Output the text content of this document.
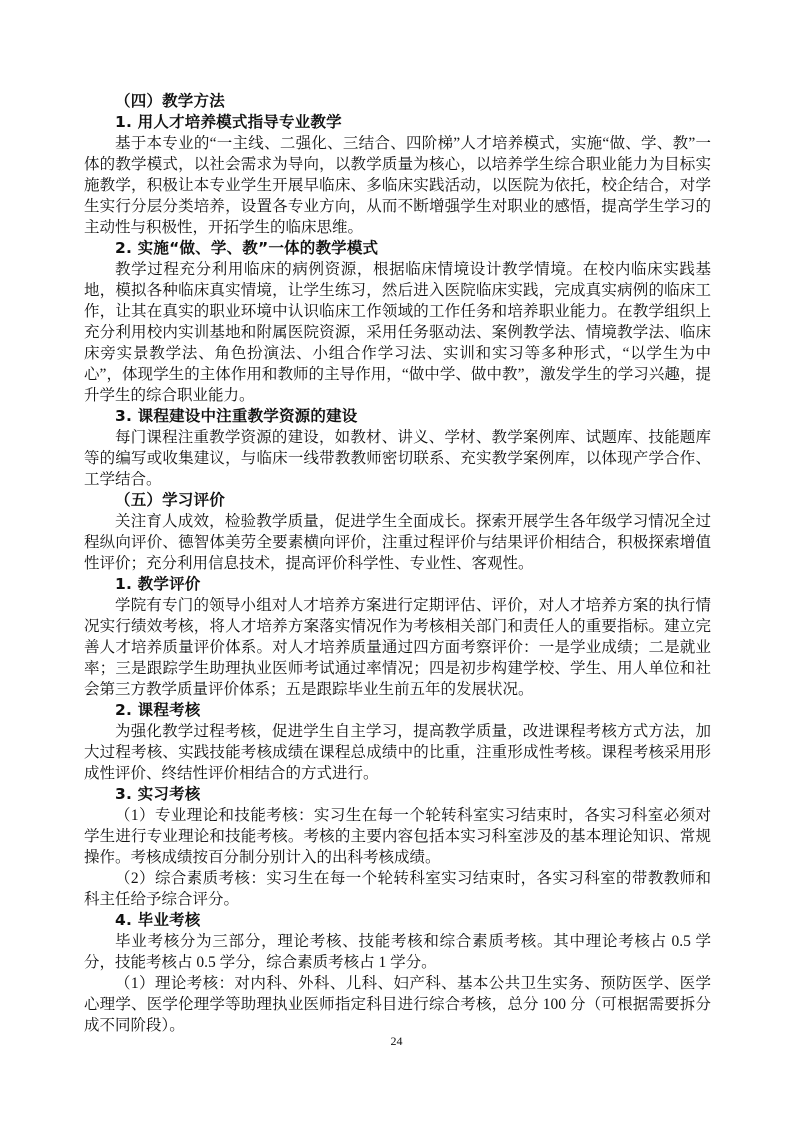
（四）教学方法
1. 用人才培养模式指导专业教学

基于本专业的“一主线、二强化、三结合、四阶梯”人才培养模式，实施“做、学、教”一体的教学模式，以社会需求为导向，以教学质量为核心，以培养学生综合职业能力为目标实施教学，积极让本专业学生开展早临床、多临床实践活动，以医院为依托，校企结合，对学生实行分层分类培养，设置各专业方向，从而不断增强学生对职业的感悟，提高学生学习的主动性与积极性，开拓学生的临床思维。

2. 实施“做、学、教”一体的教学模式

教学过程充分利用临床的病例资源，根据临床情境设计教学情境。在校内临床实践基地，模拟各种临床真实情境，让学生练习，然后进入医院临床实践，完成真实病例的临床工作，让其在真实的职业环境中认识临床工作领域的工作任务和培养职业能力。在教学组织上充分利用校内实训基地和附属医院资源，采用任务驱动法、案例教学法、情境教学法、临床床旁实景教学法、角色扮演法、小组合作学习法、实训和实习等多种形式，“以学生为中心”，体现学生的主体作用和教师的主导作用，“做中学、做中教”，激发学生的学习兴趣，提升学生的综合职业能力。

3. 课程建设中注重教学资源的建设

每门课程注重教学资源的建设，如教材、讲义、学材、教学案例库、试题库、技能题库等的编写或收集建议，与临床一线带教教师密切联系、充实教学案例库，以体现产学合作、工学结合。

（五）学习评价

关注育人成效，检验教学质量，促进学生全面成长。探索开展学生各年级学习情况全过程纵向评价、德智体美劳全要素横向评价，注重过程评价与结果评价相结合，积极探索增值性评价；充分利用信息技术，提高评价科学性、专业性、客观性。

1. 教学评价

学院有专门的领导小组对人才培养方案进行定期评估、评价，对人才培养方案的执行情况实行绩效考核，将人才培养方案落实情况作为考核相关部门和责任人的重要指标。建立完善人才培养质量评价体系。对人才培养质量通过四方面考察评价：一是学业成绩；二是就业率；三是跟踪学生助理执业医师考试通过率情况；四是初步构建学校、学生、用人单位和社会第三方教学质量评价体系；五是跟踪毕业生前五年的发展状况。

2. 课程考核

为强化教学过程考核，促进学生自主学习，提高教学质量，改进课程考核方式方法，加大过程考核、实践技能考核成绩在课程总成绩中的比重，注重形成性考核。课程考核采用形成性评价、终结性评价相结合的方式进行。

3. 实习考核

（1）专业理论和技能考核：实习生在每一个轮转科室实习结束时，各实习科室必须对学生进行专业理论和技能考核。考核的主要内容包括本实习科室涉及的基本理论知识、常规操作。考核成绩按百分制分别计入的出科考核成绩。

（2）综合素质考核：实习生在每一个轮转科室实习结束时，各实习科室的带教教师和科主任给予综合评分。

4. 毕业考核

毕业考核分为三部分，理论考核、技能考核和综合素质考核。其中理论考核占 0.5 学分，技能考核占 0.5 学分，综合素质考核占 1 学分。

（1）理论考核：对内科、外科、儿科、妇产科、基本公共卫生实务、预防医学、医学心理学、医学伦理学等助理执业医师指定科目进行综合考核，总分 100 分（可根据需要拆分成不同阶段）。

24
